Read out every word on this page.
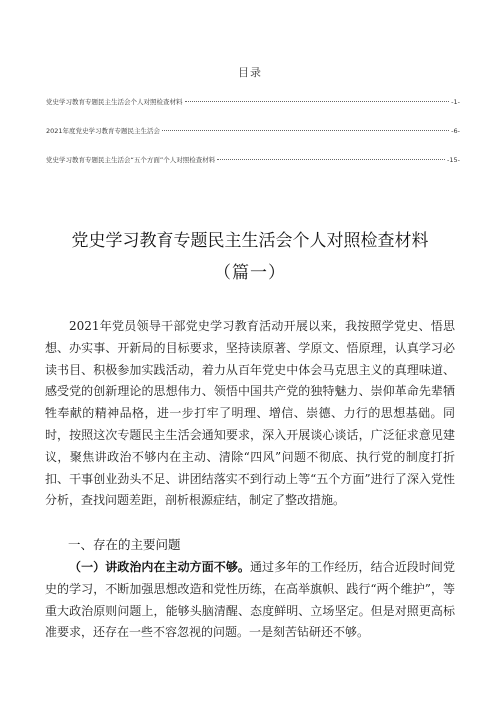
目录
党史学习教育专题民主生活会个人对照检查材料	-1-
2021年度党史学习教育专题民主生活会	-6-
党史学习教育专题民主生活会“五个方面”个人对照检查材料	-15-
党史学习教育专题民主生活会个人对照检查材料
（篇一）

2021年党员领导干部党史学习教育活动开展以来，我按照学党史、悟思想、办实事、开新局的目标要求，坚持读原著、学原文、悟原理，认真学习必读书目、积极参加实践活动，着力从百年党史中体会马克思主义的真理味道、感受党的创新理论的思想伟力、领悟中国共产党的独特魅力、崇仰革命先辈牺牲奉献的精神品格，进一步打牢了明理、增信、崇德、力行的思想基础。同时，按照这次专题民主生活会通知要求，深入开展谈心谈话，广泛征求意见建议，聚焦讲政治不够内在主动、清除“四风”问题不彻底、执行党的制度打折扣、干事创业劲头不足、讲团结落实不到行动上等“五个方面”进行了深入党性分析，查找问题差距，剖析根源症结，制定了整改措施。

一、存在的主要问题

（一）讲政治内在主动方面不够。通过多年的工作经历，结合近段时间党史的学习，不断加强思想改造和党性历练，在高举旗帜、践行“两个维护”，等重大政治原则问题上，能够头脑清醒、态度鲜明、立场坚定。但是对照更高标准要求，还存在一些不容忽视的问题。一是刻苦钻研还不够。
